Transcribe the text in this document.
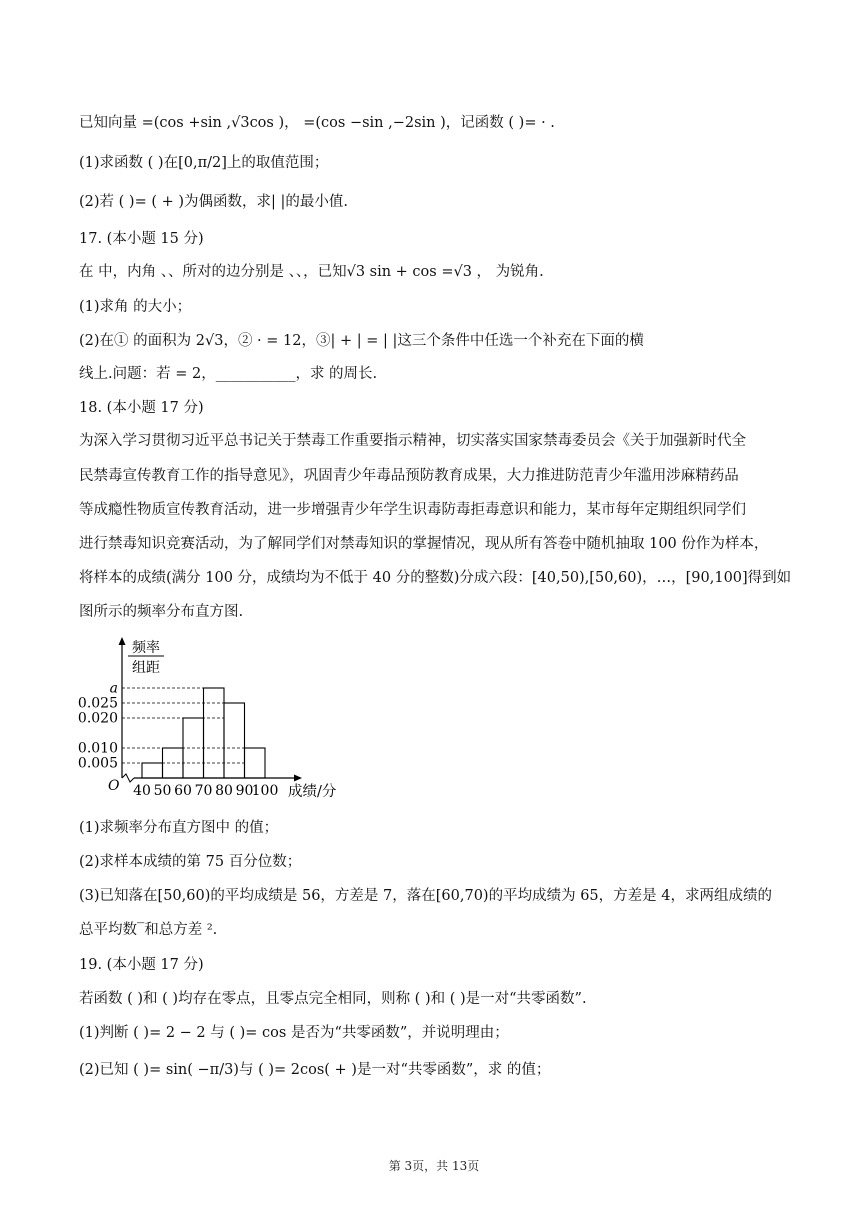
已知向量 =(cos +sin ,√3cos )， =(cos −sin ,−2sin )，记函数 ( )= · .
(1)求函数 ( )在[0,π/2]上的取值范围；
(2)若 ( )= ( + )为偶函数，求| |的最小值.
17. (本小题 15 分)
在 中，内角 、、所对的边分别是 、、，已知√3 sin + cos =√3 ， 为锐角.
(1)求角 的大小；
(2)在① 的面积为 2√3，② · = 12，③| + | = | |这三个条件中任选一个补充在下面的横
线上.问题：若 = 2，___________，求 的周长.
18. (本小题 17 分)
为深入学习贯彻习近平总书记关于禁毒工作重要指示精神，切实落实国家禁毒委员会《关于加强新时代全
民禁毒宣传教育工作的指导意见》，巩固青少年毒品预防教育成果，大力推进防范青少年滥用涉麻精药品
等成瘾性物质宣传教育活动，进一步增强青少年学生识毒防毒拒毒意识和能力，某市每年定期组织同学们
进行禁毒知识竞赛活动，为了解同学们对禁毒知识的掌握情况，现从所有答卷中随机抽取 100 份作为样本，
将样本的成绩(满分 100 分，成绩均为不低于 40 分的整数)分成六段：[40,50),[50,60)，…，[90,100]得到如
图所示的频率分布直方图.
a
0.025
0.020
0.010
0.005
40 50 60 70 80 90
100
O	成绩/分
频率
组距
(1)求频率分布直方图中 的值；
(2)求样本成绩的第 75 百分位数；
(3)已知落在[50,60)的平均成绩是 56，方差是 7，落在[60,70)的平均成绩为 65，方差是 4，求两组成绩的
总平均数‾和总方差 ².
19. (本小题 17 分)
若函数 ( )和 ( )均存在零点，且零点完全相同，则称 ( )和 ( )是一对“共零函数”.
(1)判断 ( )= 2 − 2 与 ( )= cos 是否为“共零函数”，并说明理由；
(2)已知 ( )= sin( −π/3)与 ( )= 2cos( + )是一对“共零函数”，求 的值；
第 3页，共 13页
